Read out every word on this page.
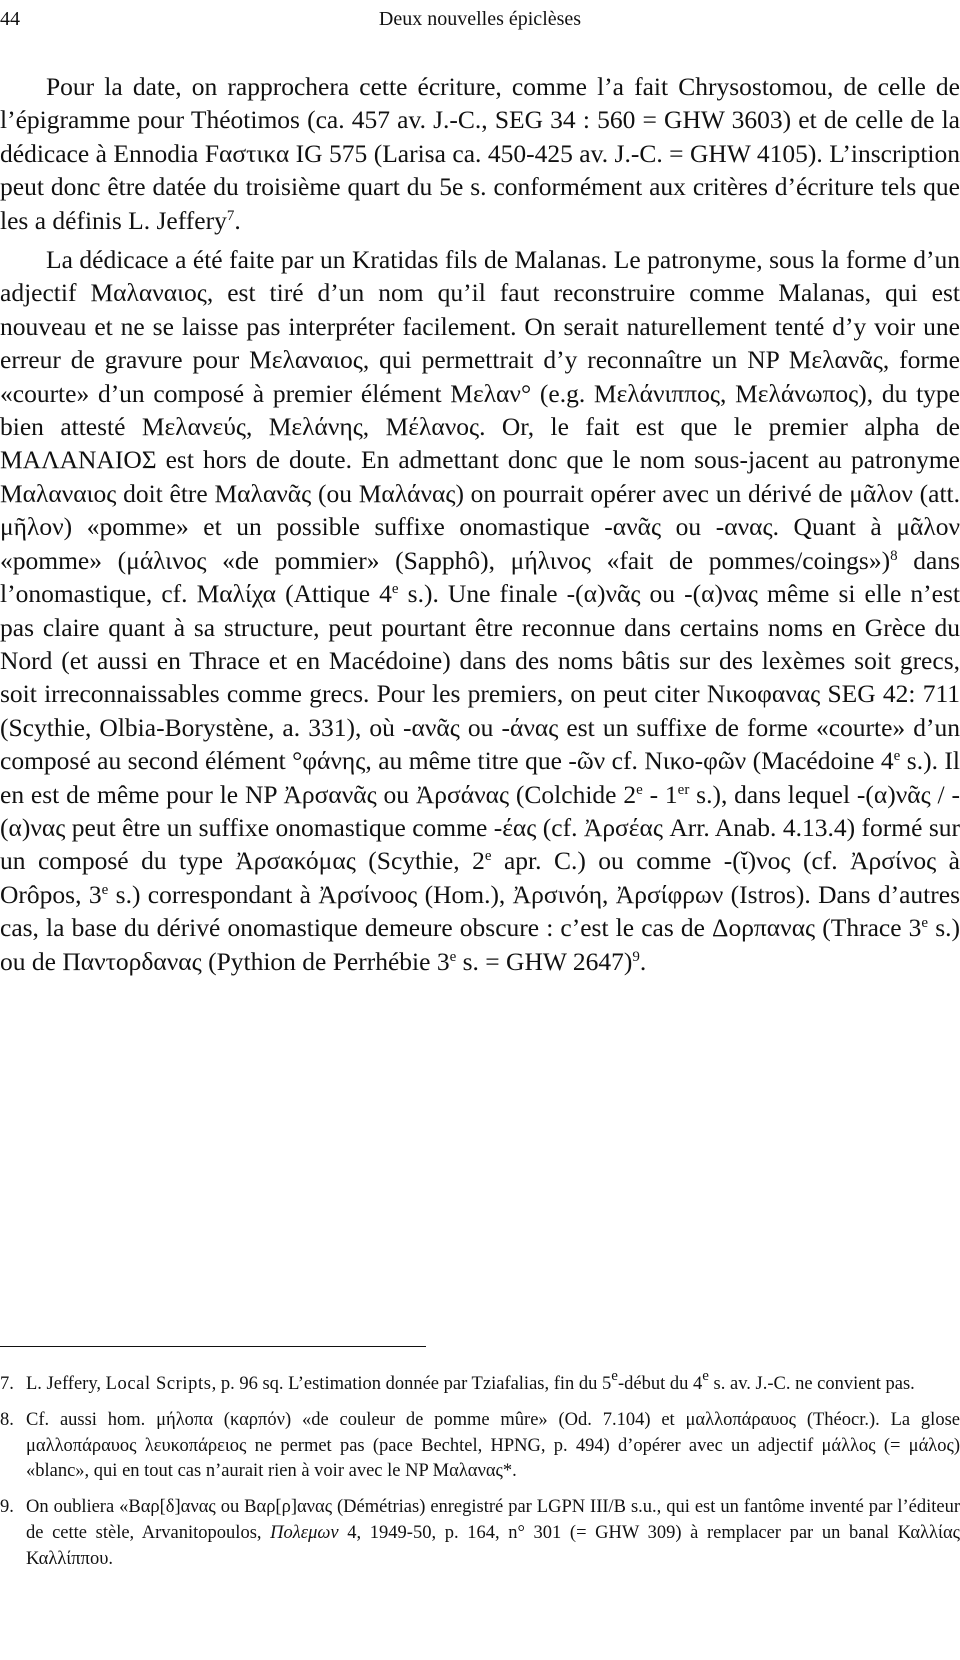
44	Deux nouvelles épiclèses

Pour la date, on rapprochera cette écriture, comme l’a fait Chrysostomou, de celle de l’épigramme pour Théotimos (ca. 457 av. J.-C., SEG 34 : 560 = GHW 3603) et de celle de la dédicace à Ennodia Fαστικα IG 575 (Larisa ca. 450-425 av. J.-C. = GHW 4105). L’inscription peut donc être datée du troisième quart du 5e s. conformément aux critères d’écriture tels que les a définis L. Jeffery$^7$.

La dédicace a été faite par un Kratidas fils de Malanas. Le patronyme, sous la forme d’un adjectif Μαλαναιος, est tiré d’un nom qu’il faut reconstruire comme Malanas, qui est nouveau et ne se laisse pas interpréter facilement. On serait naturellement tenté d’y voir une erreur de gravure pour Μελαναιος, qui permettrait d’y reconnaître un NP Μελανᾶς, forme «courte» d’un composé à premier élément Μελαν° (e.g. Μελάνιππος, Μελάνωπος), du type bien attesté Μελανεύς, Μελάνης, Μέλανος. Or, le fait est que le premier alpha de ΜΑΛΑΝΑΙΟΣ est hors de doute. En admettant donc que le nom sous-jacent au patronyme Μαλαναιος doit être Μαλανᾶς (ou Μαλάνας) on pourrait opérer avec un dérivé de μᾶλον (att. μῆλον) «pomme» et un possible suffixe onomastique -ανᾶς ou -ανας. Quant à μᾶλον «pomme» (μάλινος «de pommier» (Sapphô), μήλινος «fait de pommes/coings»)$^8$ dans l’onomastique, cf. Μαλίχα (Attique 4e s.). Une finale -(α)νᾶς ou -(α)νας même si elle n’est pas claire quant à sa structure, peut pourtant être reconnue dans certains noms en Grèce du Nord (et aussi en Thrace et en Macédoine) dans des noms bâtis sur des lexèmes soit grecs, soit irreconnaissables comme grecs. Pour les premiers, on peut citer Νικοφανας SEG 42: 711 (Scythie, Olbia-Borystène, a. 331), où -ανᾶς ou -άνας est un suffixe de forme «courte» d’un composé au second élément °φάνης, au même titre que -ῶν cf. Νικο-φῶν (Macédoine 4e s.). Il en est de même pour le NP Ἀρσανᾶς ou Ἀρσάνας (Colchide 2e - 1er s.), dans lequel -(α)νᾶς / -(α)νας peut être un suffixe onomastique comme -έας (cf. Ἀρσέας Arr. Anab. 4.13.4) formé sur un composé du type Ἀρσακόμας (Scythie, 2e apr. C.) ou comme -(ῐ)νος (cf. Ἀρσίνος à Orôpos, 3e s.) correspondant à Ἀρσίνοος (Hom.), Ἀρσινόη, Ἀρσίφρων (Istros). Dans d’autres cas, la base du dérivé onomastique demeure obscure : c’est le cas de Δορπανας (Thrace 3e s.) ou de Παντορδανας (Pythion de Perrhébie 3e s. = GHW 2647)$^9$.

7. L. Jeffery, Local Scripts, p. 96 sq. L’estimation donnée par Tziafalias, fin du 5e-début du 4e s. av. J.-C. ne convient pas.

8. Cf. aussi hom. μήλοπα (καρπόν) «de couleur de pomme mûre» (Od. 7.104) et μαλλοπάραυος (Théocr.). La glose μαλλοπάραυος λευκοπάρειος ne permet pas (pace Bechtel, HPNG, p. 494) d’opérer avec un adjectif μάλλος (= μάλος) «blanc», qui en tout cas n’aurait rien à voir avec le NP Μαλανας*.

9. On oubliera «Βαρ[δ]ανας ou Βαρ[ρ]ανας (Démétrias) enregistré par LGPN III/B s.u., qui est un fantôme inventé par l’éditeur de cette stèle, Arvanitopoulos, Πολεμων 4, 1949-50, p. 164, n° 301 (= GHW 309) à remplacer par un banal Καλλίας Καλλίππου.
